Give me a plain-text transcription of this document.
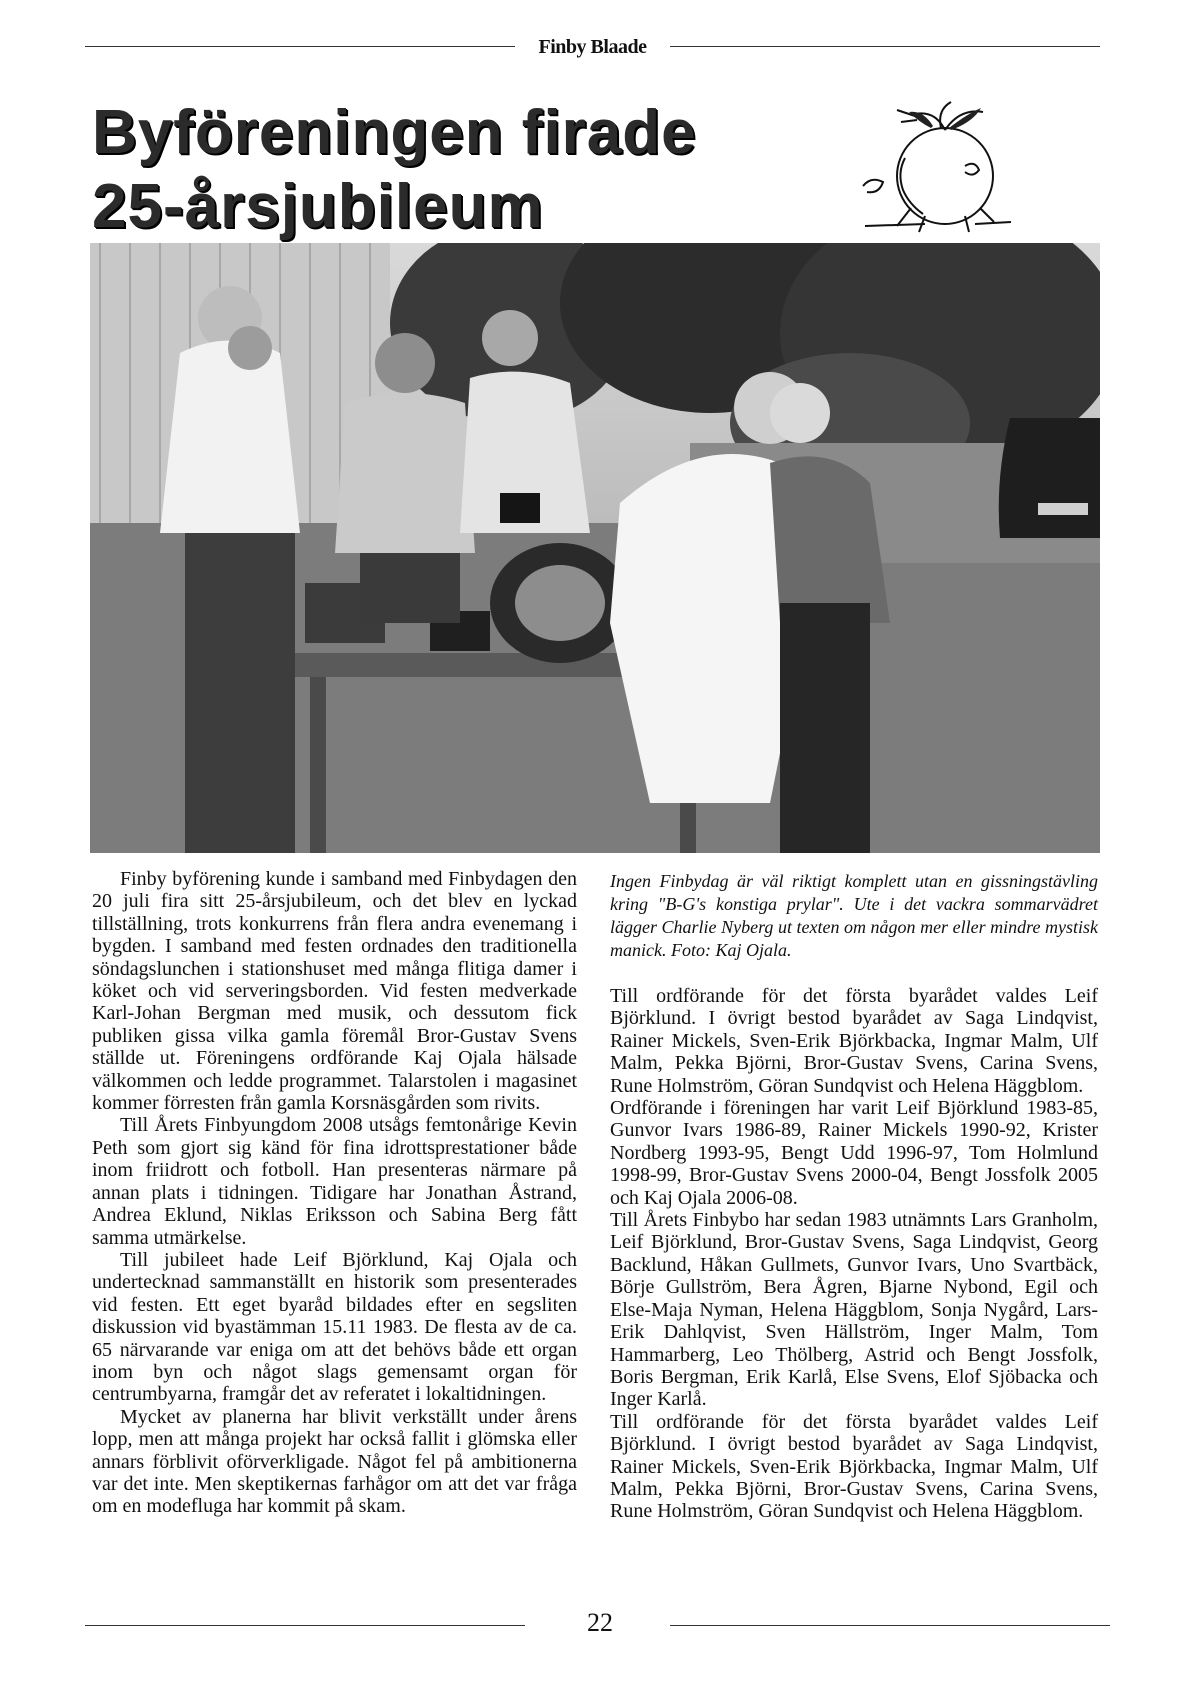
Finby Blaade
Byföreningen firade
25-årsjubileum

Finby byförening kunde i samband med Finbydagen den 20 juli fira sitt 25-årsjubileum, och det blev en lyckad tillställning, trots konkurrens från flera andra evenemang i bygden. I samband med festen ordnades den traditionella söndagslunchen i stationshuset med många flitiga damer i köket och vid serveringsborden. Vid festen medverkade Karl-Johan Bergman med musik, och dessutom fick publiken gissa vilka gamla föremål Bror-Gustav Svens ställde ut. Föreningens ordförande Kaj Ojala hälsade välkommen och ledde programmet. Talarstolen i magasinet kommer förresten från gamla Korsnäsgården som rivits.

Till Årets Finbyungdom 2008 utsågs femtonårige Kevin Peth som gjort sig känd för fina idrottsprestationer både inom friidrott och fotboll. Han presenteras närmare på annan plats i tidningen. Tidigare har Jonathan Åstrand, Andrea Eklund, Niklas Eriksson och Sabina Berg fått samma utmärkelse.

Till jubileet hade Leif Björklund, Kaj Ojala och undertecknad sammanställt en historik som presenterades vid festen. Ett eget byaråd bildades efter en segsliten diskussion vid byastämman 15.11 1983. De flesta av de ca. 65 närvarande var eniga om att det behövs både ett organ inom byn och något slags gemensamt organ för centrumbyarna, framgår det av referatet i lokaltidningen.

Mycket av planerna har blivit verkställt under årens lopp, men att många projekt har också fallit i glömska eller annars förblivit oförverkligade. Något fel på ambitionerna var det inte. Men skeptikernas farhågor om att det var fråga om en modefluga har kommit på skam.

Ingen Finbydag är väl riktigt komplett utan en gissningstävling kring "B-G's konstiga prylar". Ute i det vackra sommarvädret lägger Charlie Nyberg ut texten om någon mer eller mindre mystisk manick. Foto: Kaj Ojala.

Till ordförande för det första byarådet valdes Leif Björklund. I övrigt bestod byarådet av Saga Lindqvist, Rainer Mickels, Sven-Erik Björkbacka, Ingmar Malm, Ulf Malm, Pekka Björni, Bror-Gustav Svens, Carina Svens, Rune Holmström, Göran Sundqvist och Helena Häggblom.

Ordförande i föreningen har varit Leif Björklund 1983-85, Gunvor Ivars 1986-89, Rainer Mickels 1990-92, Krister Nordberg 1993-95, Bengt Udd 1996-97, Tom Holmlund 1998-99, Bror-Gustav Svens 2000-04, Bengt Jossfolk 2005 och Kaj Ojala 2006-08.

Till Årets Finbybo har sedan 1983 utnämnts Lars Granholm, Leif Björklund, Bror-Gustav Svens, Saga Lindqvist, Georg Backlund, Håkan Gullmets, Gunvor Ivars, Uno Svartbäck, Börje Gullström, Bera Ågren, Bjarne Nybond, Egil och Else-Maja Nyman, Helena Häggblom, Sonja Nygård, Lars-Erik Dahlqvist, Sven Hällström, Inger Malm, Tom Hammarberg, Leo Thölberg, Astrid och Bengt Jossfolk, Boris Bergman, Erik Karlå, Else Svens, Elof Sjöbacka och Inger Karlå.

Till ordförande för det första byarådet valdes Leif Björklund. I övrigt bestod byarådet av Saga Lindqvist, Rainer Mickels, Sven-Erik Björkbacka, Ingmar Malm, Ulf Malm, Pekka Björni, Bror-Gustav Svens, Carina Svens, Rune Holmström, Göran Sundqvist och Helena Häggblom.

22
